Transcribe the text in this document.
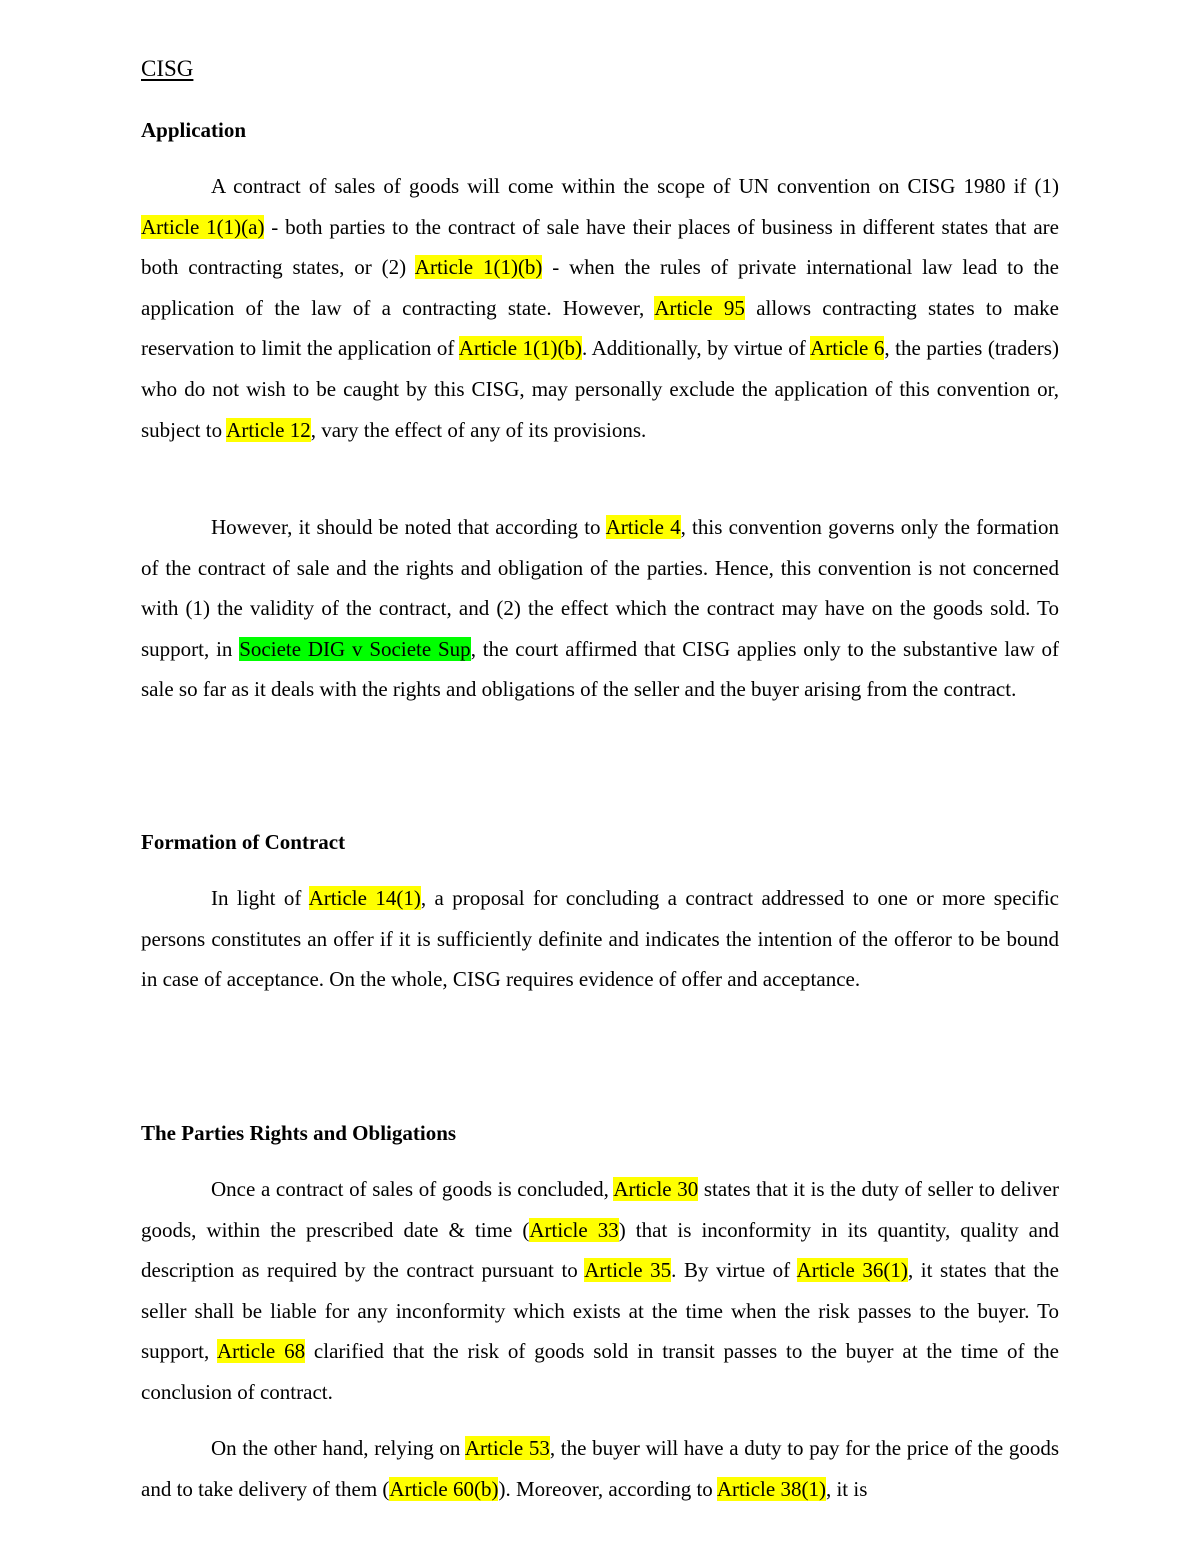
CISG
Application

A contract of sales of goods will come within the scope of UN convention on CISG 1980 if (1) Article 1(1)(a) - both parties to the contract of sale have their places of business in different states that are both contracting states, or (2) Article 1(1)(b) - when the rules of private international law lead to the application of the law of a contracting state. However, Article 95 allows contracting states to make reservation to limit the application of Article 1(1)(b). Additionally, by virtue of Article 6, the parties (traders) who do not wish to be caught by this CISG, may personally exclude the application of this convention or, subject to Article 12, vary the effect of any of its provisions.

However, it should be noted that according to Article 4, this convention governs only the formation of the contract of sale and the rights and obligation of the parties. Hence, this convention is not concerned with (1) the validity of the contract, and (2) the effect which the contract may have on the goods sold. To support, in Societe DIG v Societe Sup, the court affirmed that CISG applies only to the substantive law of sale so far as it deals with the rights and obligations of the seller and the buyer arising from the contract.

Formation of Contract

In light of Article 14(1), a proposal for concluding a contract addressed to one or more specific persons constitutes an offer if it is sufficiently definite and indicates the intention of the offeror to be bound in case of acceptance. On the whole, CISG requires evidence of offer and acceptance.

The Parties Rights and Obligations

Once a contract of sales of goods is concluded, Article 30 states that it is the duty of seller to deliver goods, within the prescribed date & time (Article 33) that is inconformity in its quantity, quality and description as required by the contract pursuant to Article 35. By virtue of Article 36(1), it states that the seller shall be liable for any inconformity which exists at the time when the risk passes to the buyer. To support, Article 68 clarified that the risk of goods sold in transit passes to the buyer at the time of the conclusion of contract.

On the other hand, relying on Article 53, the buyer will have a duty to pay for the price of the goods and to take delivery of them (Article 60(b)). Moreover, according to Article 38(1), it is
